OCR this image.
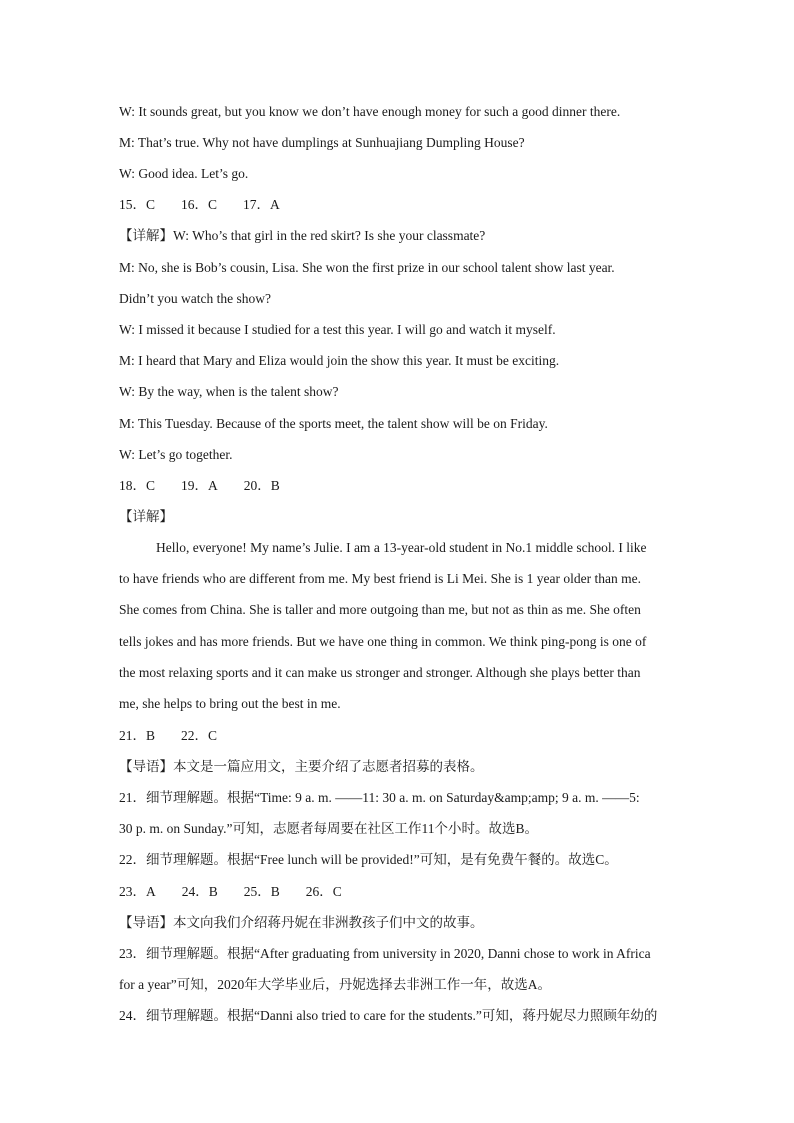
W: It sounds great, but you know we don’t have enough money for such a good dinner there.
M: That’s true. Why not have dumplings at Sunhuajiang Dumpling House?
W: Good idea. Let’s go.
15．C 16．C 17．A
【详解】W: Who’s that girl in the red skirt? Is she your classmate?
M: No, she is Bob’s cousin, Lisa. She won the first prize in our school talent show last year.
Didn’t you watch the show?
W: I missed it because I studied for a test this year. I will go and watch it myself.
M: I heard that Mary and Eliza would join the show this year. It must be exciting.
W: By the way, when is the talent show?
M: This Tuesday. Because of the sports meet, the talent show will be on Friday.
W: Let’s go together.
18．C 19．A 20．B
【详解】
Hello, everyone! My name’s Julie. I am a 13-year-old student in No.1 middle school. I like
to have friends who are different from me. My best friend is Li Mei. She is 1 year older than me.
She comes from China. She is taller and more outgoing than me, but not as thin as me. She often
tells jokes and has more friends. But we have one thing in common. We think ping-pong is one of
the most relaxing sports and it can make us stronger and stronger. Although she plays better than
me, she helps to bring out the best in me.
21．B 22．C
【导语】本文是一篇应用文，主要介绍了志愿者招募的表格。
21．细节理解题。根据“Time: 9 a. m. ——11: 30 a. m. on Saturday&amp;amp; 9 a. m. ——5:
30 p. m. on Sunday.”可知，志愿者每周要在社区工作11个小时。故选B。
22．细节理解题。根据“Free lunch will be provided!”可知，是有免费午餐的。故选C。
23．A 24．B 25．B 26．C
【导语】本文向我们介绍蒋丹妮在非洲教孩子们中文的故事。
23．细节理解题。根据“After graduating from university in 2020, Danni chose to work in Africa
for a year”可知，2020年大学毕业后，丹妮选择去非洲工作一年，故选A。
24．细节理解题。根据“Danni also tried to care for the students.”可知，蒋丹妮尽力照顾年幼的
